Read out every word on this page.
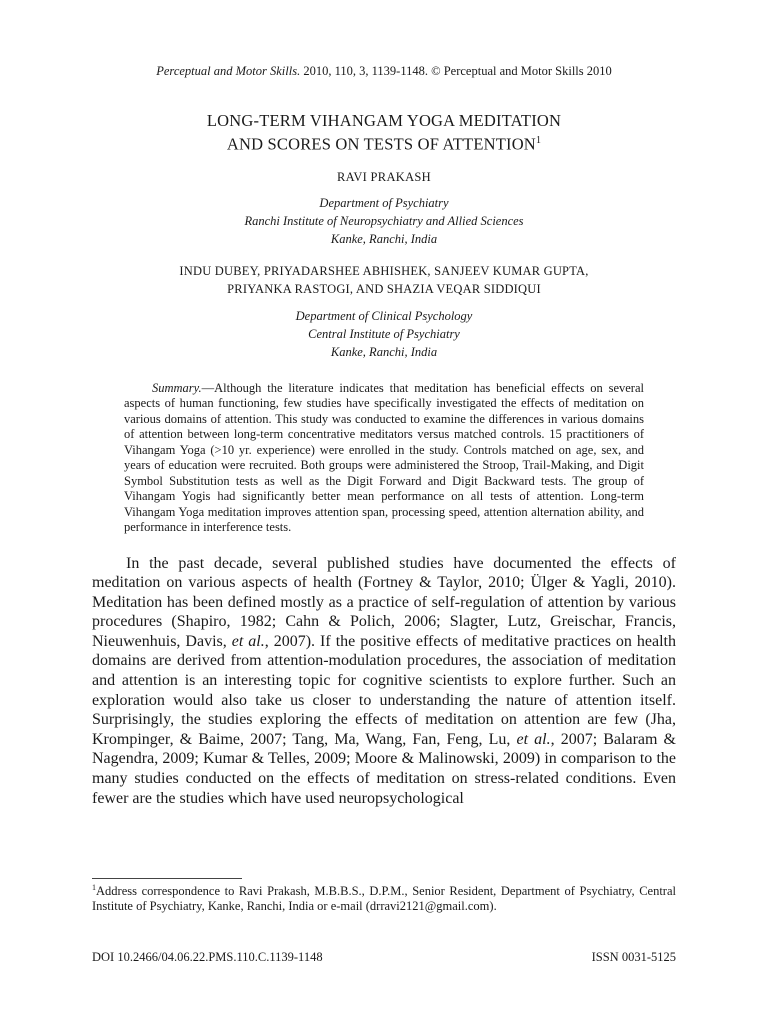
Perceptual and Motor Skills. 2010, 110, 3, 1139-1148. © Perceptual and Motor Skills 2010

LONG-TERM VIHANGAM YOGA MEDITATION
AND SCORES ON TESTS OF ATTENTION$^1$

RAVI PRAKASH

Department of Psychiatry
Ranchi Institute of Neuropsychiatry and Allied Sciences
Kanke, Ranchi, India

INDU DUBEY, PRIYADARSHEE ABHISHEK, SANJEEV KUMAR GUPTA,
PRIYANKA RASTOGI, AND SHAZIA VEQAR SIDDIQUI

Department of Clinical Psychology
Central Institute of Psychiatry
Kanke, Ranchi, India

Summary.—Although the literature indicates that meditation has beneficial effects on several aspects of human functioning, few studies have specifically investigated the effects of meditation on various domains of attention. This study was conducted to examine the differences in various domains of attention between long-term concentrative meditators versus matched controls. 15 practitioners of Vihangam Yoga (>10 yr. experience) were enrolled in the study. Controls matched on age, sex, and years of education were recruited. Both groups were administered the Stroop, Trail-Making, and Digit Symbol Substitution tests as well as the Digit Forward and Digit Backward tests. The group of Vihangam Yogis had significantly better mean performance on all tests of attention. Long-term Vihangam Yoga meditation improves attention span, processing speed, attention alternation ability, and performance in interference tests.

In the past decade, several published studies have documented the effects of meditation on various aspects of health (Fortney & Taylor, 2010; Ülger & Yagli, 2010). Meditation has been defined mostly as a practice of self-regulation of attention by various procedures (Shapiro, 1982; Cahn & Polich, 2006; Slagter, Lutz, Greischar, Francis, Nieuwenhuis, Davis, et al., 2007). If the positive effects of meditative practices on health domains are derived from attention-modulation procedures, the association of meditation and attention is an interesting topic for cognitive scientists to explore further. Such an exploration would also take us closer to understanding the nature of attention itself. Surprisingly, the studies exploring the effects of meditation on attention are few (Jha, Krompinger, & Baime, 2007; Tang, Ma, Wang, Fan, Feng, Lu, et al., 2007; Balaram & Nagendra, 2009; Kumar & Telles, 2009; Moore & Malinowski, 2009) in comparison to the many studies conducted on the effects of meditation on stress-related conditions. Even fewer are the studies which have used neuropsychological

$^1$Address correspondence to Ravi Prakash, M.B.B.S., D.P.M., Senior Resident, Department of Psychiatry, Central Institute of Psychiatry, Kanke, Ranchi, India or e-mail (drravi2121@gmail.com).

DOI 10.2466/04.06.22.PMS.110.C.1139-1148	ISSN 0031-5125
